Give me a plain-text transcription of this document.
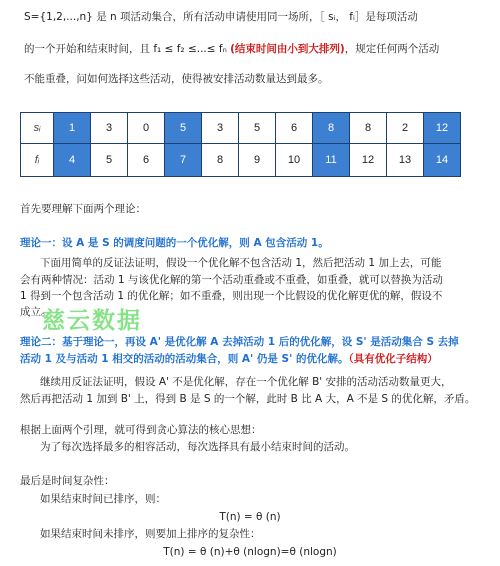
S={1,2,...,n} 是 n 项活动集合，所有活动申请使用同一场所，［ sᵢ， fᵢ］是每项活动
的一个开始和结束时间，且 f₁ ≤ f₂ ≤...≤ fₙ (结束时间由小到大排列)，规定任何两个活动
不能重叠，问如何选择这些活动，使得被安排活动数量达到最多。
sᵢ	1	3	0	5	3	5	6	8	8	2	12
fᵢ	4	5	6	7	8	9	10	11	12	13	14
首先要理解下面两个理论：
理论一：设 A 是 S 的调度问题的一个优化解，则 A 包含活动 1。
下面用简单的反证法证明，假设一个优化解不包含活动 1，然后把活动 1 加上去，可能
会有两种情况：活动 1 与该优化解的第一个活动重叠或不重叠，如重叠，就可以替换为活动
1 得到一个包含活动 1 的优化解；如不重叠，则出现一个比假设的优化解更优的解，假设不
成立。
慈云数据
理论二：基于理论一，再设 A' 是优化解 A 去掉活动 1 后的优化解，设 S' 是活动集合 S 去掉
活动 1 及与活动 1 相交的活动的活动集合，则 A' 仍是 S' 的优化解。（具有优化子结构）
继续用反证法证明，假设 A' 不是优化解，存在一个优化解 B' 安排的活动活动数量更大，
然后再把活动 1 加到 B' 上，得到 B 是 S 的一个解，此时 B 比 A 大，A 不是 S 的优化解，矛盾。
根据上面两个引理，就可得到贪心算法的核心思想：
为了每次选择最多的相容活动，每次选择具有最小结束时间的活动。
最后是时间复杂性：
如果结束时间已排序，则：
T(n) = θ (n)
如果结束时间未排序，则要加上排序的复杂性：
T(n) = θ (n)+θ (nlogn)=θ (nlogn)
